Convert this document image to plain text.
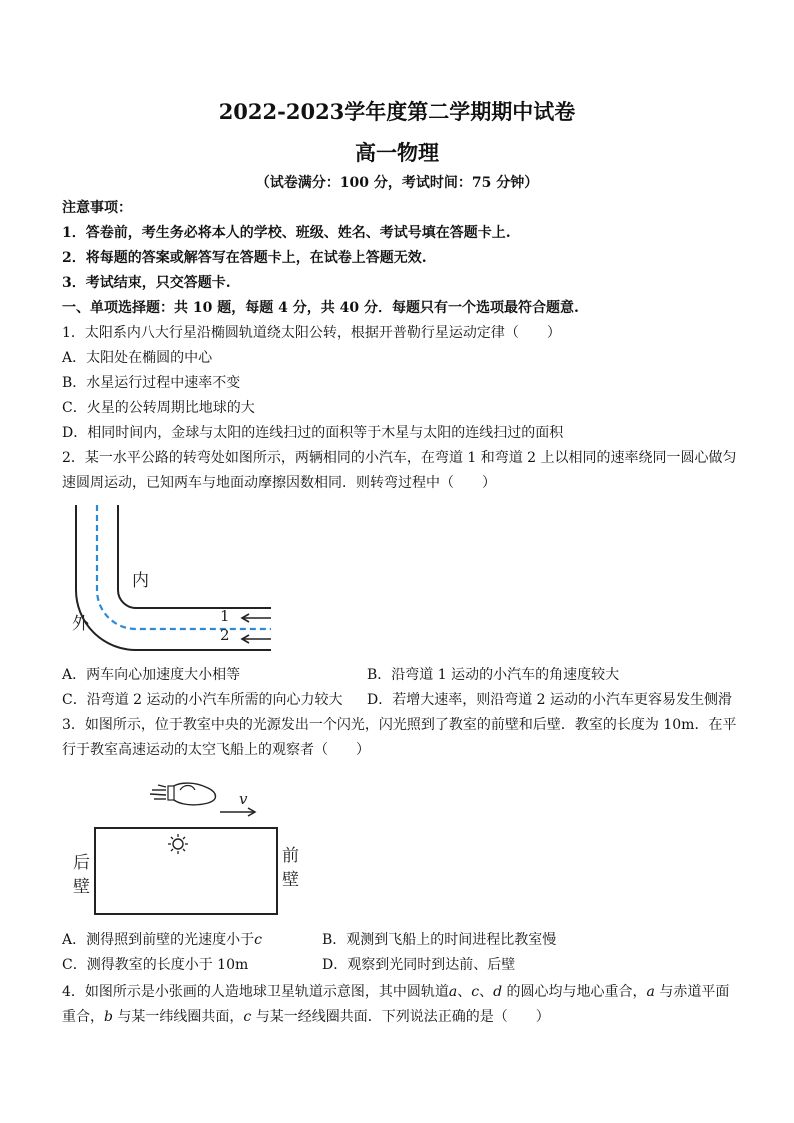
2022-2023学年度第二学期期中试卷
高一物理
（试卷满分：100 分，考试时间：75 分钟）
注意事项：
1．答卷前，考生务必将本人的学校、班级、姓名、考试号填在答题卡上.
2．将每题的答案或解答写在答题卡上，在试卷上答题无效.
3．考试结束，只交答题卡.
一、单项选择题：共 10 题，每题 4 分，共 40 分．每题只有一个选项最符合题意.
1．太阳系内八大行星沿椭圆轨道绕太阳公转，根据开普勒行星运动定律（　　）
A．太阳处在椭圆的中心
B．水星运行过程中速率不变
C．火星的公转周期比地球的大
D．相同时间内，金球与太阳的连线扫过的面积等于木星与太阳的连线扫过的面积
2．某一水平公路的转弯处如图所示，两辆相同的小汽车，在弯道 1 和弯道 2 上以相同的速率绕同一圆心做匀
速圆周运动，已知两车与地面动摩擦因数相同．则转弯过程中（　　）
内
外	1
2
A．两车向心加速度大小相等	B．沿弯道 1 运动的小汽车的角速度较大
C．沿弯道 2 运动的小汽车所需的向心力较大 D．若增大速率，则沿弯道 2 运动的小汽车更容易发生侧滑
3．如图所示，位于教室中央的光源发出一个闪光，闪光照到了教室的前壁和后壁．教室的长度为 10m．在平
行于教室高速运动的太空飞船上的观察者（　　）
v
后
壁
前
壁
A．测得照到前壁的光速度小于c	B．观测到飞船上的时间进程比教室慢
C．测得教室的长度小于 10m	D．观察到光同时到达前、后壁
4．如图所示是小张画的人造地球卫星轨道示意图，其中圆轨道a、c、d 的圆心均与地心重合，a 与赤道平面
重合，b 与某一纬线圈共面，c 与某一经线圈共面．下列说法正确的是（　　）
